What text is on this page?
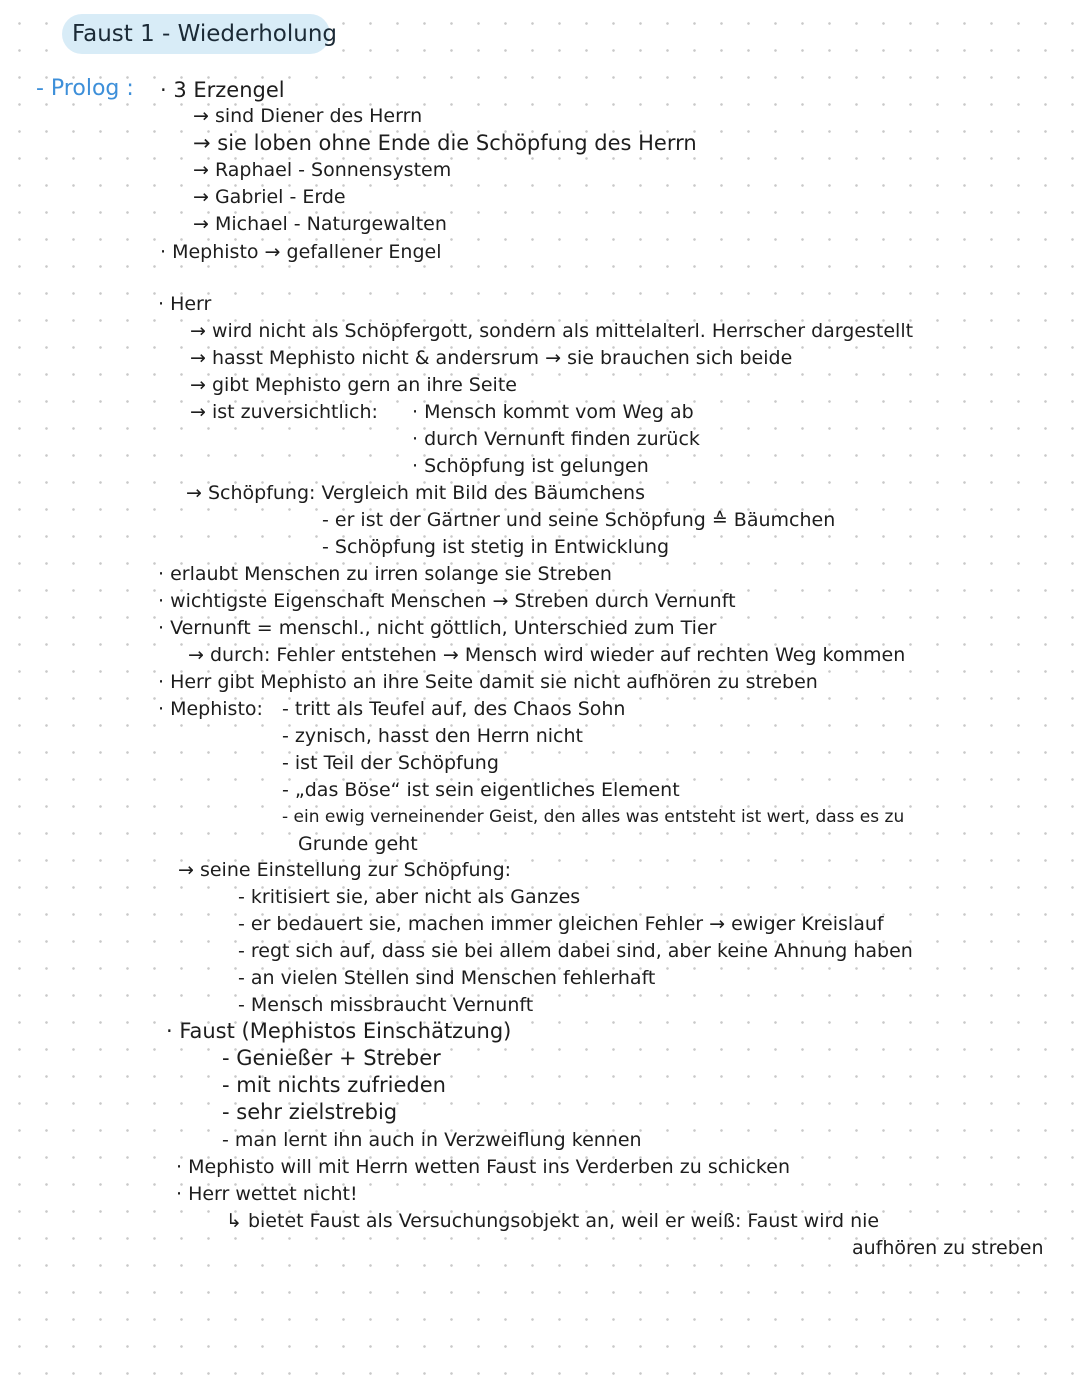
Faust 1 - Wiederholung
- Prolog : · 3 Erzengel
→ sind Diener des Herrn
→ sie loben ohne Ende die Schöpfung des Herrn
→ Raphael - Sonnensystem
→ Gabriel - Erde
→ Michael - Naturgewalten
· Mephisto → gefallener Engel
· Herr
→ wird nicht als Schöpfergott, sondern als mittelalterl. Herrscher dargestellt
→ hasst Mephisto nicht & andersrum → sie brauchen sich beide
→ gibt Mephisto gern an ihre Seite
→ ist zuversichtlich: · Mensch kommt vom Weg ab
· durch Vernunft finden zurück
· Schöpfung ist gelungen
→ Schöpfung: Vergleich mit Bild des Bäumchens
- er ist der Gärtner und seine Schöpfung ≙ Bäumchen
- Schöpfung ist stetig in Entwicklung
· erlaubt Menschen zu irren solange sie Streben
· wichtigste Eigenschaft Menschen → Streben durch Vernunft
· Vernunft = menschl., nicht göttlich, Unterschied zum Tier
→ durch: Fehler entstehen → Mensch wird wieder auf rechten Weg kommen
· Herr gibt Mephisto an ihre Seite damit sie nicht aufhören zu streben
· Mephisto: - tritt als Teufel auf, des Chaos Sohn
- zynisch, hasst den Herrn nicht
- ist Teil der Schöpfung
- „das Böse“ ist sein eigentliches Element
- ein ewig verneinender Geist, den alles was entsteht ist wert, dass es zu
Grunde geht
→ seine Einstellung zur Schöpfung:
- kritisiert sie, aber nicht als Ganzes
- er bedauert sie, machen immer gleichen Fehler → ewiger Kreislauf
- regt sich auf, dass sie bei allem dabei sind, aber keine Ahnung haben
- an vielen Stellen sind Menschen fehlerhaft
- Mensch missbraucht Vernunft
· Faust (Mephistos Einschätzung)
- Genießer + Streber
- mit nichts zufrieden
- sehr zielstrebig
- man lernt ihn auch in Verzweiflung kennen
· Mephisto will mit Herrn wetten Faust ins Verderben zu schicken
· Herr wettet nicht!
↳ bietet Faust als Versuchungsobjekt an, weil er weiß: Faust wird nie
aufhören zu streben
